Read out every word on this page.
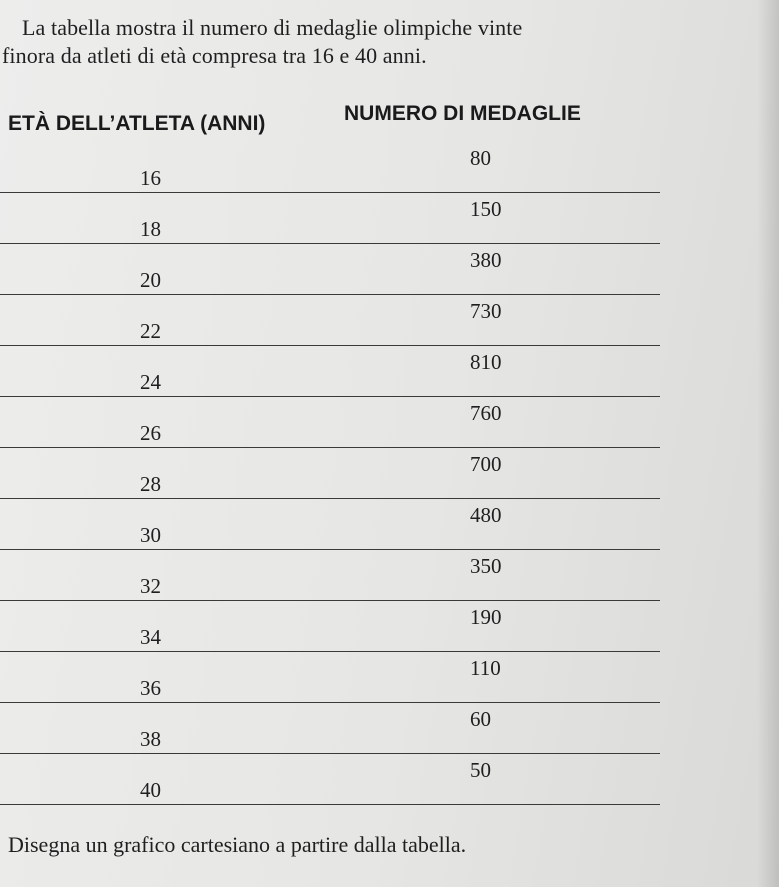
La tabella mostra il numero di medaglie olimpiche vinte
finora da atleti di età compresa tra 16 e 40 anni.
ETÀ DELL’ATLETA (ANNI)	NUMERO DI MEDAGLIE
16
80
18
150
20
380
22
730
24
810
26
760
28
700
30
480
32
350
34
190
36
110
38
60
40
50
Disegna un grafico cartesiano a partire dalla tabella.
